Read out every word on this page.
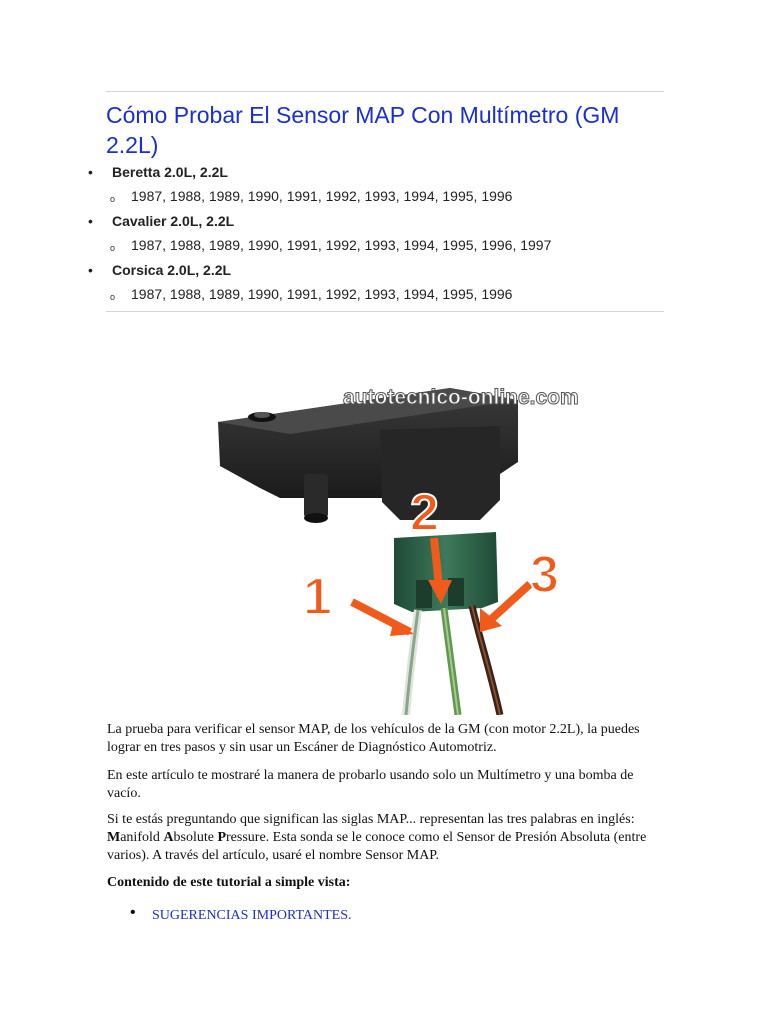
Cómo Probar El Sensor MAP Con Multímetro (GM 2.2L)
• Beretta 2.0L, 2.2L
o 1987, 1988, 1989, 1990, 1991, 1992, 1993, 1994, 1995, 1996
• Cavalier 2.0L, 2.2L
o 1987, 1988, 1989, 1990, 1991, 1992, 1993, 1994, 1995, 1996, 1997
• Corsica 2.0L, 2.2L
o 1987, 1988, 1989, 1990, 1991, 1992, 1993, 1994, 1995, 1996
autotecnico-online.com
1
2
3

La prueba para verificar el sensor MAP, de los vehículos de la GM (con motor 2.2L), la puedes lograr en tres pasos y sin usar un Escáner de Diagnóstico Automotriz.

En este artículo te mostraré la manera de probarlo usando solo un Multímetro y una bomba de vacío.

Si te estás preguntando que significan las siglas MAP... representan las tres palabras en inglés: Manifold Absolute Pressure. Esta sonda se le conoce como el Sensor de Presión Absoluta (entre varios). A través del artículo, usaré el nombre Sensor MAP.

Contenido de este tutorial a simple vista:

• SUGERENCIAS IMPORTANTES.
